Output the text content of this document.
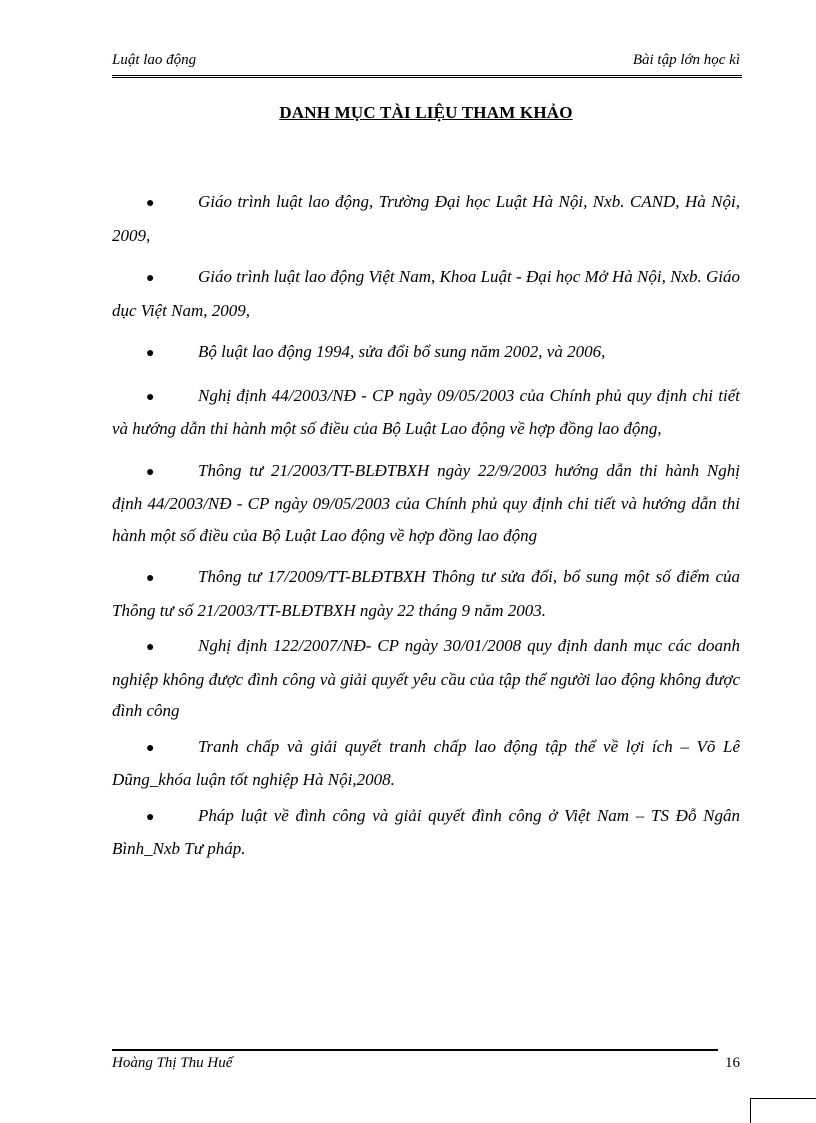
Luật lao động	Bài tập lớn học kì
DANH MỤC TÀI LIỆU THAM KHẢO
●	Giáo trình luật lao động, Trường Đại học Luật Hà Nội, Nxb. CAND, Hà Nội, 2009,
●	Giáo trình luật lao động Việt Nam, Khoa Luật - Đại học Mở Hà Nội, Nxb. Giáo dục Việt Nam, 2009,
●	Bộ luật lao động 1994, sửa đổi bổ sung năm 2002, và 2006,
●	Nghị định 44/2003/NĐ - CP ngày 09/05/2003 của Chính phủ quy định chi tiết và hướng dẫn thi hành một số điều của Bộ Luật Lao động về hợp đồng lao động,
●	Thông tư 21/2003/TT-BLĐTBXH ngày 22/9/2003 hướng dẫn thi hành Nghị định 44/2003/NĐ - CP ngày 09/05/2003 của Chính phủ quy định chi tiết và hướng dẫn thi hành một số điều của Bộ Luật Lao động về hợp đồng lao động
●	Thông tư 17/2009/TT-BLĐTBXH Thông tư sửa đổi, bổ sung một số điểm của Thông tư số 21/2003/TT-BLĐTBXH ngày 22 tháng 9 năm 2003.
●	Nghị định 122/2007/NĐ- CP ngày 30/01/2008 quy định danh mục các doanh nghiệp không được đình công và giải quyết yêu cầu của tập thể người lao động không được đình công
●	Tranh chấp và giải quyết tranh chấp lao động tập thể về lợi ích – Võ Lê Dũng_khóa luận tốt nghiệp Hà Nội,2008.
●	Pháp luật về đình công và giải quyết đình công ở Việt Nam – TS Đỗ Ngân Bình_Nxb Tư pháp.
Hoàng Thị Thu Huế	16
